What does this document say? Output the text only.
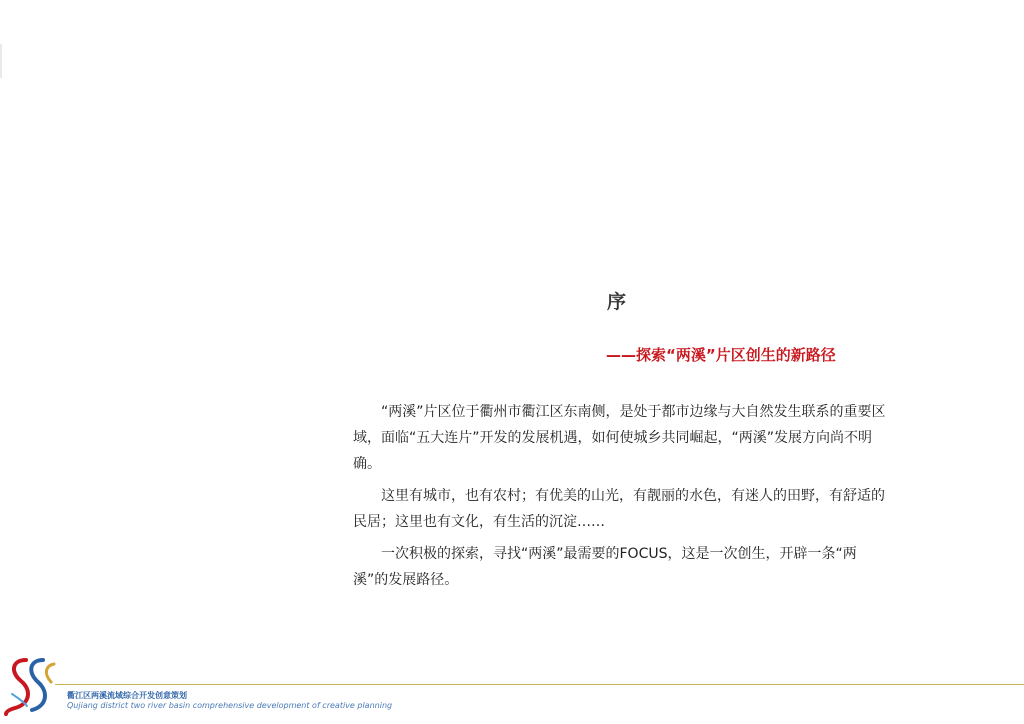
序
——探索“两溪”片区创生的新路径

“两溪”片区位于衢州市衢江区东南侧，是处于都市边缘与大自然发生联系的重要区域，面临“五大连片”开发的发展机遇，如何使城乡共同崛起，“两溪”发展方向尚不明确。

这里有城市，也有农村；有优美的山光，有靓丽的水色，有迷人的田野，有舒适的民居；这里也有文化，有生活的沉淀……

一次积极的探索，寻找“两溪”最需要的FOCUS，这是一次创生，开辟一条“两溪”的发展路径。

衢江区两溪流域综合开发创意策划
Qujiang district two river basin comprehensive development of creative planning
